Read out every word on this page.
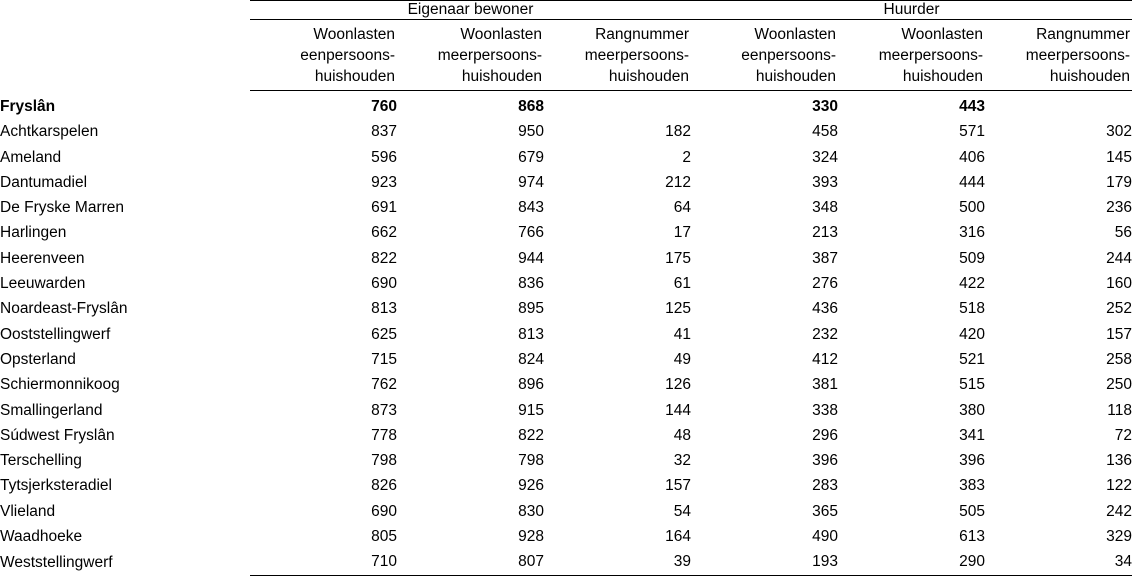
	Eigenaar bewoner			Huurder		

Woonlasten
eenpersoons-
huishouden

Woonlasten
meerpersoons-
huishouden

Rangnummer
meerpersoons-
huishouden

Woonlasten
eenpersoons-
huishouden

Woonlasten
meerpersoons-
huishouden

Rangnummer
meerpersoons-
huishouden

Fryslân	760	868		330	443	
Achtkarspelen	837	950	182	458	571	302
Ameland	596	679	2	324	406	145
Dantumadiel	923	974	212	393	444	179
De Fryske Marren	691	843	64	348	500	236
Harlingen	662	766	17	213	316	56
Heerenveen	822	944	175	387	509	244
Leeuwarden	690	836	61	276	422	160
Noardeast-Fryslân	813	895	125	436	518	252
Ooststellingwerf	625	813	41	232	420	157
Opsterland	715	824	49	412	521	258
Schiermonnikoog	762	896	126	381	515	250
Smallingerland	873	915	144	338	380	118
Súdwest Fryslân	778	822	48	296	341	72
Terschelling	798	798	32	396	396	136
Tytsjerksteradiel	826	926	157	283	383	122
Vlieland	690	830	54	365	505	242
Waadhoeke	805	928	164	490	613	329
Weststellingwerf	710	807	39	193	290	34
